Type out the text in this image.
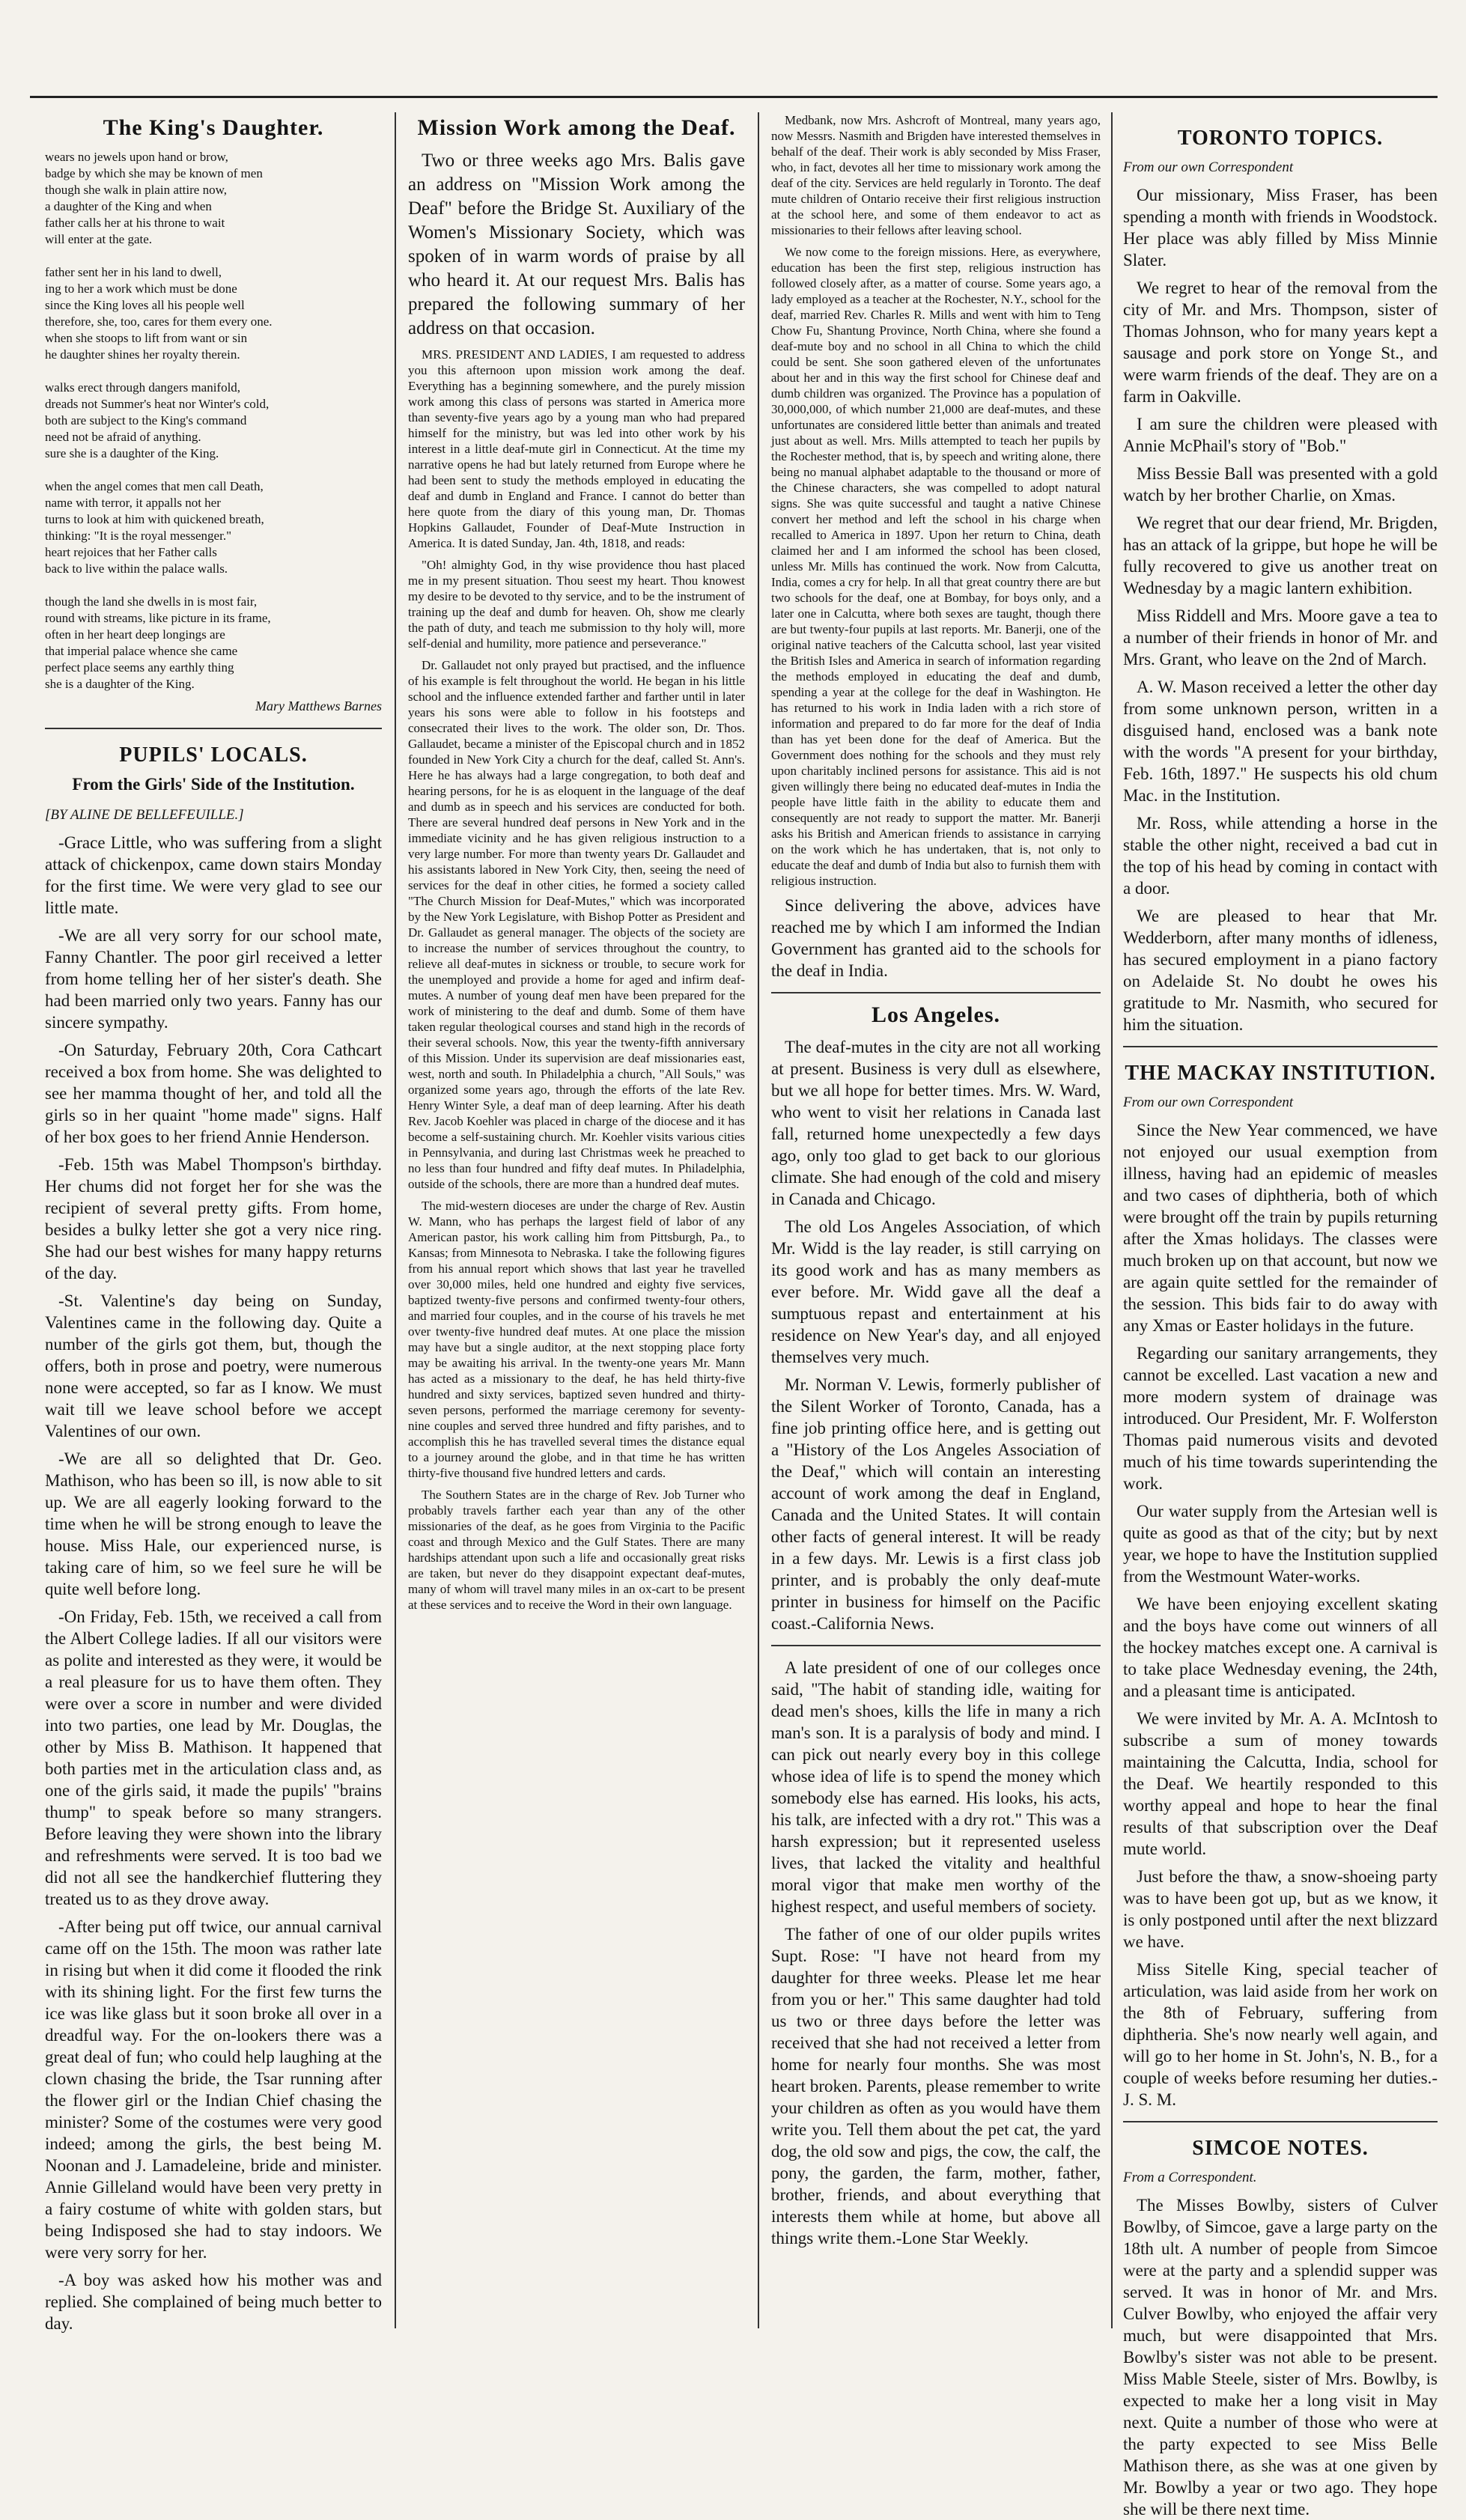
The King's Daughter.
wears no jewels upon hand or brow,
badge by which she may be known of men
though she walk in plain attire now,
a daughter of the King and when
father calls her at his throne to wait
will enter at the gate.

father sent her in his land to dwell,
ing to her a work which must be done
since the King loves all his people well
therefore, she, too, cares for them every one.
when she stoops to lift from want or sin
he daughter shines her royalty therein.

walks erect through dangers manifold,
dreads not Summer's heat nor Winter's cold,
both are subject to the King's command
need not be afraid of anything.
sure she is a daughter of the King.

when the angel comes that men call Death,
name with terror, it appalls not her
turns to look at him with quickened breath,
thinking: "It is the royal messenger."
heart rejoices that her Father calls
back to live within the palace walls.

though the land she dwells in is most fair,
round with streams, like picture in its frame,
often in her heart deep longings are
that imperial palace whence she came
perfect place seems any earthly thing
she is a daughter of the King.
Mary Matthews Barnes
PUPILS' LOCALS.
From the Girls' Side of the Institution.
[BY ALINE DE BELLEFEUILLE.]

-Grace Little, who was suffering from a slight attack of chickenpox, came down stairs Monday for the first time. We were very glad to see our little mate.

-We are all very sorry for our school mate, Fanny Chantler. The poor girl received a letter from home telling her of her sister's death. She had been married only two years. Fanny has our sincere sympathy.

-On Saturday, February 20th, Cora Cathcart received a box from home. She was delighted to see her mamma thought of her, and told all the girls so in her quaint "home made" signs. Half of her box goes to her friend Annie Henderson.

-Feb. 15th was Mabel Thompson's birthday. Her chums did not forget her for she was the recipient of several pretty gifts. From home, besides a bulky letter she got a very nice ring. She had our best wishes for many happy returns of the day.

-St. Valentine's day being on Sunday, Valentines came in the following day. Quite a number of the girls got them, but, though the offers, both in prose and poetry, were numerous none were accepted, so far as I know. We must wait till we leave school before we accept Valentines of our own.

-We are all so delighted that Dr. Geo. Mathison, who has been so ill, is now able to sit up. We are all eagerly looking forward to the time when he will be strong enough to leave the house. Miss Hale, our experienced nurse, is taking care of him, so we feel sure he will be quite well before long.

-On Friday, Feb. 15th, we received a call from the Albert College ladies. If all our visitors were as polite and interested as they were, it would be a real pleasure for us to have them often. They were over a score in number and were divided into two parties, one lead by Mr. Douglas, the other by Miss B. Mathison. It happened that both parties met in the articulation class and, as one of the girls said, it made the pupils' "brains thump" to speak before so many strangers. Before leaving they were shown into the library and refreshments were served. It is too bad we did not all see the handkerchief fluttering they treated us to as they drove away.

-After being put off twice, our annual carnival came off on the 15th. The moon was rather late in rising but when it did come it flooded the rink with its shining light. For the first few turns the ice was like glass but it soon broke all over in a dreadful way. For the on-lookers there was a great deal of fun; who could help laughing at the clown chasing the bride, the Tsar running after the flower girl or the Indian Chief chasing the minister? Some of the costumes were very good indeed; among the girls, the best being M. Noonan and J. Lamadeleine, bride and minister. Annie Gilleland would have been very pretty in a fairy costume of white with golden stars, but being Indisposed she had to stay indoors. We were very sorry for her.

-A boy was asked how his mother was and replied. She complained of being much better to day.

Mission Work among the Deaf.

Two or three weeks ago Mrs. Balis gave an address on "Mission Work among the Deaf" before the Bridge St. Auxiliary of the Women's Missionary Society, which was spoken of in warm words of praise by all who heard it. At our request Mrs. Balis has prepared the following summary of her address on that occasion.

MRS. PRESIDENT AND LADIES, I am requested to address you this afternoon upon mission work among the deaf. Everything has a beginning somewhere, and the purely mission work among this class of persons was started in America more than seventy-five years ago by a young man who had prepared himself for the ministry, but was led into other work by his interest in a little deaf-mute girl in Connecticut. At the time my narrative opens he had but lately returned from Europe where he had been sent to study the methods employed in educating the deaf and dumb in England and France. I cannot do better than here quote from the diary of this young man, Dr. Thomas Hopkins Gallaudet, Founder of Deaf-Mute Instruction in America. It is dated Sunday, Jan. 4th, 1818, and reads:

"Oh! almighty God, in thy wise providence thou hast placed me in my present situation. Thou seest my heart. Thou knowest my desire to be devoted to thy service, and to be the instrument of training up the deaf and dumb for heaven. Oh, show me clearly the path of duty, and teach me submission to thy holy will, more self-denial and humility, more patience and perseverance."

Dr. Gallaudet not only prayed but practised, and the influence of his example is felt throughout the world. He began in his little school and the influence extended farther and farther until in later years his sons were able to follow in his footsteps and consecrated their lives to the work. The older son, Dr. Thos. Gallaudet, became a minister of the Episcopal church and in 1852 founded in New York City a church for the deaf, called St. Ann's. Here he has always had a large congregation, to both deaf and hearing persons, for he is as eloquent in the language of the deaf and dumb as in speech and his services are conducted for both. There are several hundred deaf persons in New York and in the immediate vicinity and he has given religious instruction to a very large number. For more than twenty years Dr. Gallaudet and his assistants labored in New York City, then, seeing the need of services for the deaf in other cities, he formed a society called "The Church Mission for Deaf-Mutes," which was incorporated by the New York Legislature, with Bishop Potter as President and Dr. Gallaudet as general manager. The objects of the society are to increase the number of services throughout the country, to relieve all deaf-mutes in sickness or trouble, to secure work for the unemployed and provide a home for aged and infirm deaf-mutes. A number of young deaf men have been prepared for the work of ministering to the deaf and dumb. Some of them have taken regular theological courses and stand high in the records of their several schools. Now, this year the twenty-fifth anniversary of this Mission. Under its supervision are deaf missionaries east, west, north and south. In Philadelphia a church, "All Souls," was organized some years ago, through the efforts of the late Rev. Henry Winter Syle, a deaf man of deep learning. After his death Rev. Jacob Koehler was placed in charge of the diocese and it has become a self-sustaining church. Mr. Koehler visits various cities in Pennsylvania, and during last Christmas week he preached to no less than four hundred and fifty deaf mutes. In Philadelphia, outside of the schools, there are more than a hundred deaf mutes.

The mid-western dioceses are under the charge of Rev. Austin W. Mann, who has perhaps the largest field of labor of any American pastor, his work calling him from Pittsburgh, Pa., to Kansas; from Minnesota to Nebraska. I take the following figures from his annual report which shows that last year he travelled over 30,000 miles, held one hundred and eighty five services, baptized twenty-five persons and confirmed twenty-four others, and married four couples, and in the course of his travels he met over twenty-five hundred deaf mutes. At one place the mission may have but a single auditor, at the next stopping place forty may be awaiting his arrival. In the twenty-one years Mr. Mann has acted as a missionary to the deaf, he has held thirty-five hundred and sixty services, baptized seven hundred and thirty-seven persons, performed the marriage ceremony for seventy-nine couples and served three hundred and fifty parishes, and to accomplish this he has travelled several times the distance equal to a journey around the globe, and in that time he has written thirty-five thousand five hundred letters and cards.

The Southern States are in the charge of Rev. Job Turner who probably travels farther each year than any of the other missionaries of the deaf, as he goes from Virginia to the Pacific coast and through Mexico and the Gulf States. There are many hardships attendant upon such a life and occasionally great risks are taken, but never do they disappoint expectant deaf-mutes, many of whom will travel many miles in an ox-cart to be present at these services and to receive the Word in their own language.

Medbank, now Mrs. Ashcroft of Montreal, many years ago, now Messrs. Nasmith and Brigden have interested themselves in behalf of the deaf. Their work is ably seconded by Miss Fraser, who, in fact, devotes all her time to missionary work among the deaf of the city. Services are held regularly in Toronto. The deaf mute children of Ontario receive their first religious instruction at the school here, and some of them endeavor to act as missionaries to their fellows after leaving school.

We now come to the foreign missions. Here, as everywhere, education has been the first step, religious instruction has followed closely after, as a matter of course. Some years ago, a lady employed as a teacher at the Rochester, N.Y., school for the deaf, married Rev. Charles R. Mills and went with him to Teng Chow Fu, Shantung Province, North China, where she found a deaf-mute boy and no school in all China to which the child could be sent. She soon gathered eleven of the unfortunates about her and in this way the first school for Chinese deaf and dumb children was organized. The Province has a population of 30,000,000, of which number 21,000 are deaf-mutes, and these unfortunates are considered little better than animals and treated just about as well. Mrs. Mills attempted to teach her pupils by the Rochester method, that is, by speech and writing alone, there being no manual alphabet adaptable to the thousand or more of the Chinese characters, she was compelled to adopt natural signs. She was quite successful and taught a native Chinese convert her method and left the school in his charge when recalled to America in 1897. Upon her return to China, death claimed her and I am informed the school has been closed, unless Mr. Mills has continued the work. Now from Calcutta, India, comes a cry for help. In all that great country there are but two schools for the deaf, one at Bombay, for boys only, and a later one in Calcutta, where both sexes are taught, though there are but twenty-four pupils at last reports. Mr. Banerji, one of the original native teachers of the Calcutta school, last year visited the British Isles and America in search of information regarding the methods employed in educating the deaf and dumb, spending a year at the college for the deaf in Washington. He has returned to his work in India laden with a rich store of information and prepared to do far more for the deaf of India than has yet been done for the deaf of America. But the Government does nothing for the schools and they must rely upon charitably inclined persons for assistance. This aid is not given willingly there being no educated deaf-mutes in India the people have little faith in the ability to educate them and consequently are not ready to support the matter. Mr. Banerji asks his British and American friends to assistance in carrying on the work which he has undertaken, that is, not only to educate the deaf and dumb of India but also to furnish them with religious instruction.

Since delivering the above, advices have reached me by which I am informed the Indian Government has granted aid to the schools for the deaf in India.

Los Angeles.

The deaf-mutes in the city are not all working at present. Business is very dull as elsewhere, but we all hope for better times. Mrs. W. Ward, who went to visit her relations in Canada last fall, returned home unexpectedly a few days ago, only too glad to get back to our glorious climate. She had enough of the cold and misery in Canada and Chicago.

The old Los Angeles Association, of which Mr. Widd is the lay reader, is still carrying on its good work and has as many members as ever before. Mr. Widd gave all the deaf a sumptuous repast and entertainment at his residence on New Year's day, and all enjoyed themselves very much.

Mr. Norman V. Lewis, formerly publisher of the Silent Worker of Toronto, Canada, has a fine job printing office here, and is getting out a "History of the Los Angeles Association of the Deaf," which will contain an interesting account of work among the deaf in England, Canada and the United States. It will contain other facts of general interest. It will be ready in a few days. Mr. Lewis is a first class job printer, and is probably the only deaf-mute printer in business for himself on the Pacific coast.-California News.

A late president of one of our colleges once said, "The habit of standing idle, waiting for dead men's shoes, kills the life in many a rich man's son. It is a paralysis of body and mind. I can pick out nearly every boy in this college whose idea of life is to spend the money which somebody else has earned. His looks, his acts, his talk, are infected with a dry rot." This was a harsh expression; but it represented useless lives, that lacked the vitality and healthful moral vigor that make men worthy of the highest respect, and useful members of society.

The father of one of our older pupils writes Supt. Rose: "I have not heard from my daughter for three weeks. Please let me hear from you or her." This same daughter had told us two or three days before the letter was received that she had not received a letter from home for nearly four months. She was most heart broken. Parents, please remember to write your children as often as you would have them write you. Tell them about the pet cat, the yard dog, the old sow and pigs, the cow, the calf, the pony, the garden, the farm, mother, father, brother, friends, and about everything that interests them while at home, but above all things write them.-Lone Star Weekly.

TORONTO TOPICS.
From our own Correspondent

Our missionary, Miss Fraser, has been spending a month with friends in Woodstock. Her place was ably filled by Miss Minnie Slater.

We regret to hear of the removal from the city of Mr. and Mrs. Thompson, sister of Thomas Johnson, who for many years kept a sausage and pork store on Yonge St., and were warm friends of the deaf. They are on a farm in Oakville.

I am sure the children were pleased with Annie McPhail's story of "Bob."

Miss Bessie Ball was presented with a gold watch by her brother Charlie, on Xmas.

We regret that our dear friend, Mr. Brigden, has an attack of la grippe, but hope he will be fully recovered to give us another treat on Wednesday by a magic lantern exhibition.

Miss Riddell and Mrs. Moore gave a tea to a number of their friends in honor of Mr. and Mrs. Grant, who leave on the 2nd of March.

A. W. Mason received a letter the other day from some unknown person, written in a disguised hand, enclosed was a bank note with the words "A present for your birthday, Feb. 16th, 1897." He suspects his old chum Mac. in the Institution.

Mr. Ross, while attending a horse in the stable the other night, received a bad cut in the top of his head by coming in contact with a door.

We are pleased to hear that Mr. Wedderborn, after many months of idleness, has secured employment in a piano factory on Adelaide St. No doubt he owes his gratitude to Mr. Nasmith, who secured for him the situation.

THE MACKAY INSTITUTION.
From our own Correspondent

Since the New Year commenced, we have not enjoyed our usual exemption from illness, having had an epidemic of measles and two cases of diphtheria, both of which were brought off the train by pupils returning after the Xmas holidays. The classes were much broken up on that account, but now we are again quite settled for the remainder of the session. This bids fair to do away with any Xmas or Easter holidays in the future.

Regarding our sanitary arrangements, they cannot be excelled. Last vacation a new and more modern system of drainage was introduced. Our President, Mr. F. Wolferston Thomas paid numerous visits and devoted much of his time towards superintending the work.

Our water supply from the Artesian well is quite as good as that of the city; but by next year, we hope to have the Institution supplied from the Westmount Water-works.

We have been enjoying excellent skating and the boys have come out winners of all the hockey matches except one. A carnival is to take place Wednesday evening, the 24th, and a pleasant time is anticipated.

We were invited by Mr. A. A. McIntosh to subscribe a sum of money towards maintaining the Calcutta, India, school for the Deaf. We heartily responded to this worthy appeal and hope to hear the final results of that subscription over the Deaf mute world.

Just before the thaw, a snow-shoeing party was to have been got up, but as we know, it is only postponed until after the next blizzard we have.

Miss Sitelle King, special teacher of articulation, was laid aside from her work on the 8th of February, suffering from diphtheria. She's now nearly well again, and will go to her home in St. John's, N. B., for a couple of weeks before resuming her duties.-J. S. M.

SIMCOE NOTES.
From a Correspondent.

The Misses Bowlby, sisters of Culver Bowlby, of Simcoe, gave a large party on the 18th ult. A number of people from Simcoe were at the party and a splendid supper was served. It was in honor of Mr. and Mrs. Culver Bowlby, who enjoyed the affair very much, but were disappointed that Mrs. Bowlby's sister was not able to be present. Miss Mable Steele, sister of Mrs. Bowlby, is expected to make her a long visit in May next. Quite a number of those who were at the party expected to see Miss Belle Mathison there, as she was at one given by Mr. Bowlby a year or two ago. They hope she will be there next time.
